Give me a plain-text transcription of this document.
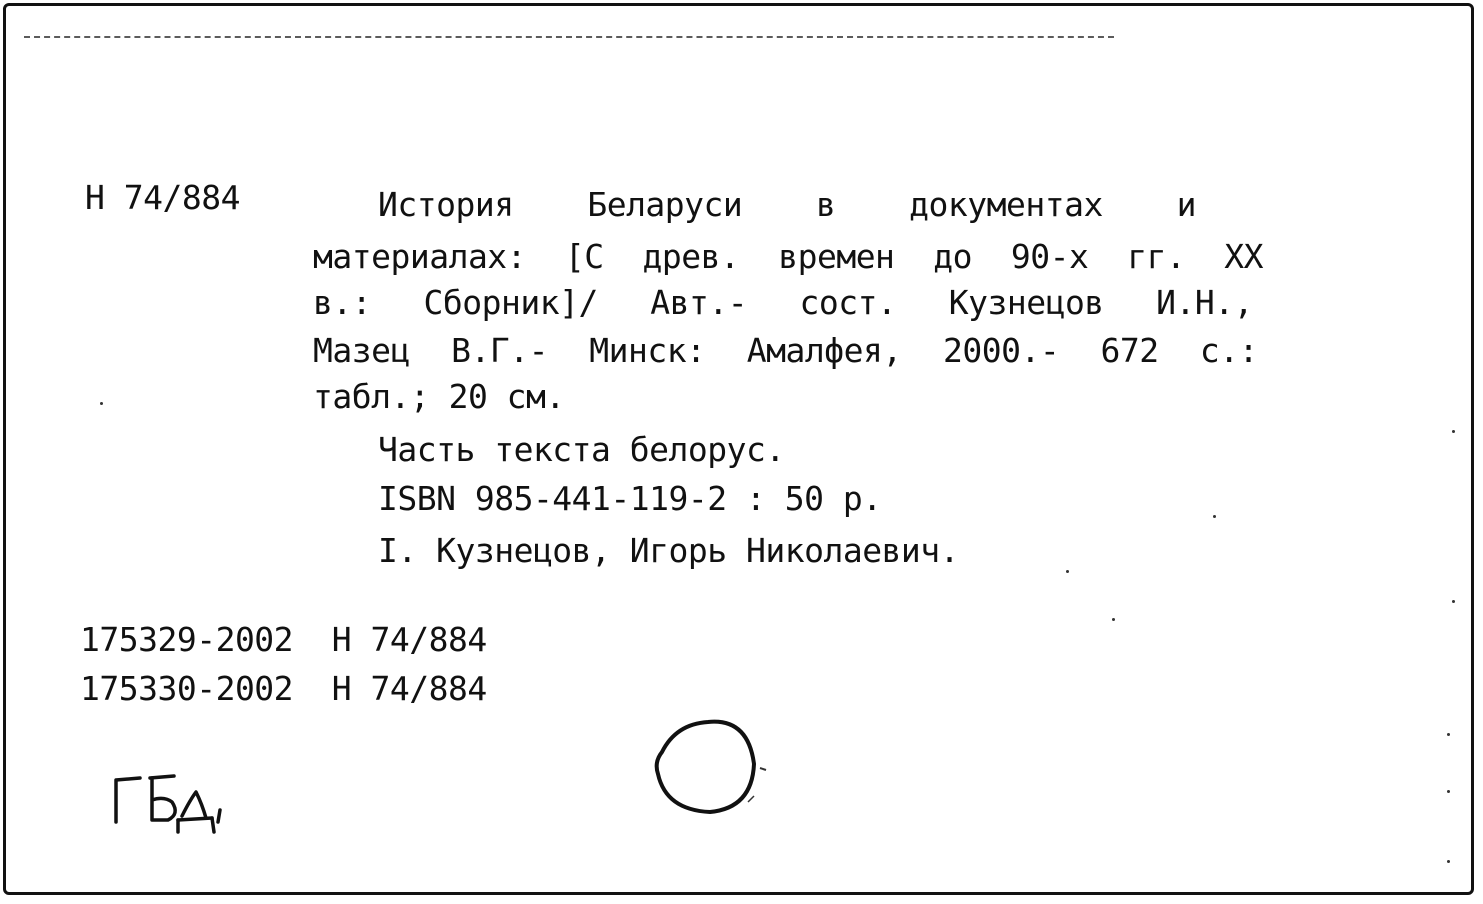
Н 74/884	История Беларуси в документах и
материалах: [С древ. времен до 90-х гг. ХХ
в.: Сборник]/ Авт.- сост. Кузнецов И.Н.,
Мазец В.Г.- Минск: Амалфея, 2000.- 672 с.:
табл.; 20 см.
Часть текста белорус.
ISBN 985-441-119-2 : 50 р.
I. Кузнецов, Игорь Николаевич.
175329-2002 Н 74/884
175330-2002 Н 74/884
